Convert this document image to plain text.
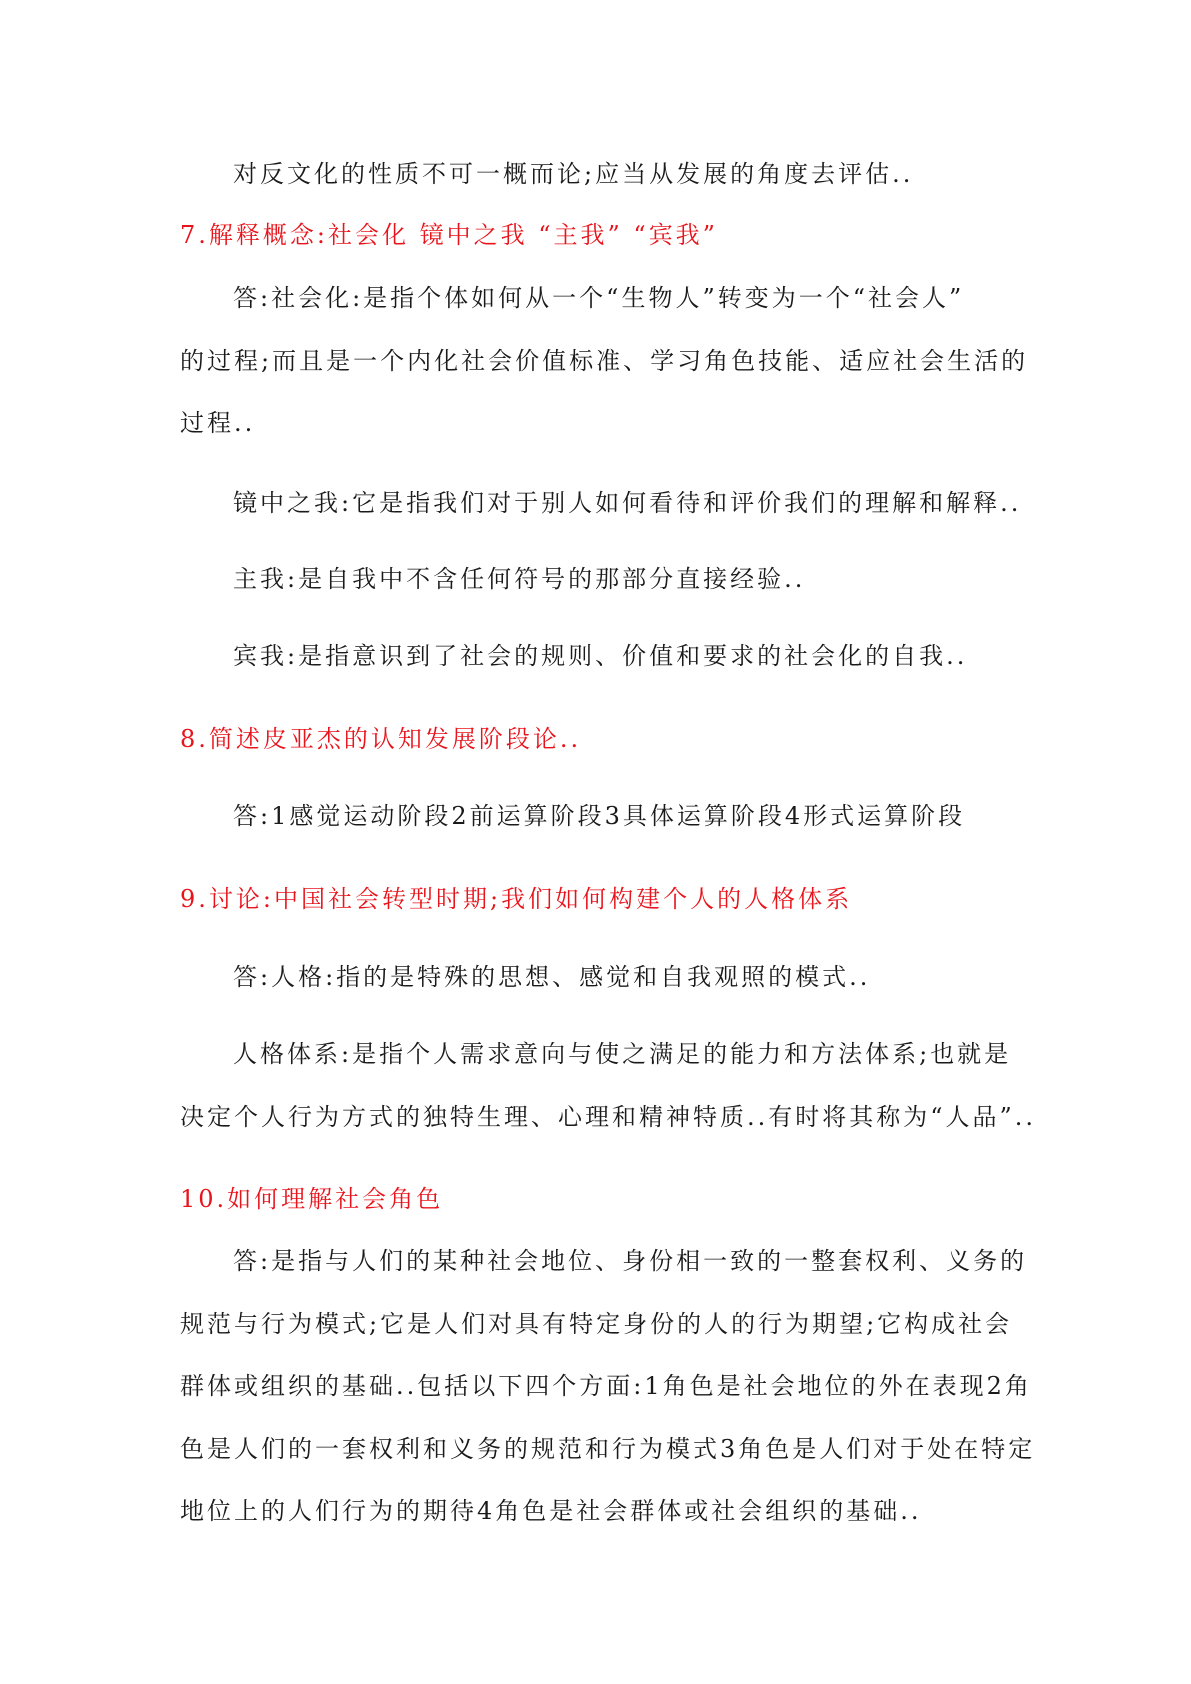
对反文化的性质不可一概而论;应当从发展的角度去评估..
7.解释概念:社会化 镜中之我 “主我” “宾我”
答:社会化:是指个体如何从一个“生物人”转变为一个“社会人”
的过程;而且是一个内化社会价值标准、学习角色技能、适应社会生活的
过程..
镜中之我:它是指我们对于别人如何看待和评价我们的理解和解释..
主我:是自我中不含任何符号的那部分直接经验..
宾我:是指意识到了社会的规则、价值和要求的社会化的自我..
8.简述皮亚杰的认知发展阶段论..
答:1感觉运动阶段2前运算阶段3具体运算阶段4形式运算阶段
9.讨论:中国社会转型时期;我们如何构建个人的人格体系
答:人格:指的是特殊的思想、感觉和自我观照的模式..
人格体系:是指个人需求意向与使之满足的能力和方法体系;也就是
决定个人行为方式的独特生理、心理和精神特质..有时将其称为“人品”..
10.如何理解社会角色
答:是指与人们的某种社会地位、身份相一致的一整套权利、义务的
规范与行为模式;它是人们对具有特定身份的人的行为期望;它构成社会
群体或组织的基础..包括以下四个方面:1角色是社会地位的外在表现2角
色是人们的一套权利和义务的规范和行为模式3角色是人们对于处在特定
地位上的人们行为的期待4角色是社会群体或社会组织的基础..
